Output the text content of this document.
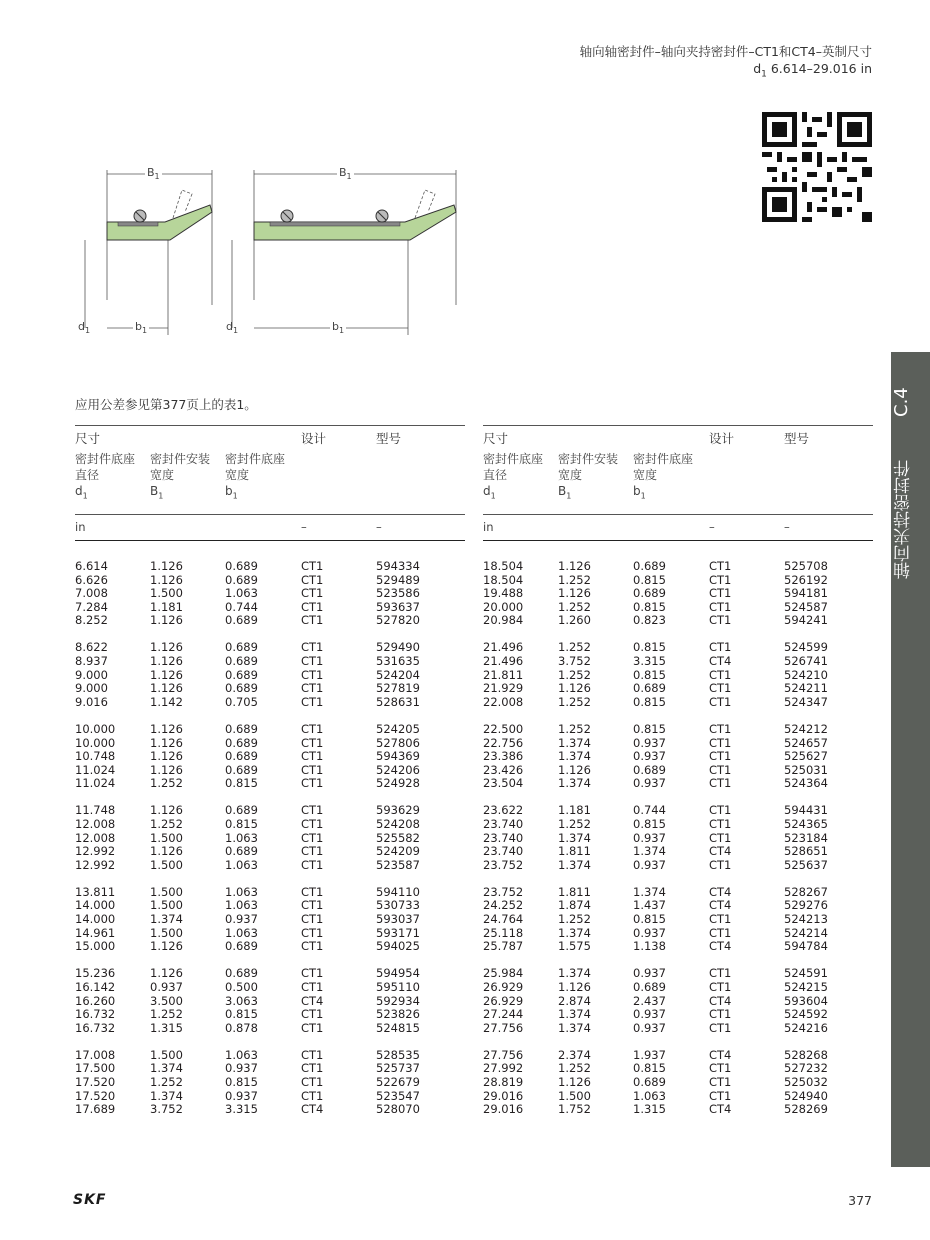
轴向轴密封件–轴向夹持密封件–CT1和CT4–英制尺寸
$d_1$ 6.614–29.016 in
$B_1$	$B_1$
$b_1$	$b_1$
$d_1$	$d_1$
应用公差参见第377页上的表1。
尺寸	设计	型号
密封件底座
直径
$d_1$
密封件安装
宽度
$B_1$
密封件底座
宽度
$b_1$
in	–	–
6.614	1.126	0.689	CT1	594334
6.626	1.126	0.689	CT1	529489
7.008	1.500	1.063	CT1	523586
7.284	1.181	0.744	CT1	593637
8.252	1.126	0.689	CT1	527820
8.622	1.126	0.689	CT1	529490
8.937	1.126	0.689	CT1	531635
9.000	1.126	0.689	CT1	524204
9.000	1.126	0.689	CT1	527819
9.016	1.142	0.705	CT1	528631
10.000	1.126	0.689	CT1	524205
10.000	1.126	0.689	CT1	527806
10.748	1.126	0.689	CT1	594369
11.024	1.126	0.689	CT1	524206
11.024	1.252	0.815	CT1	524928
11.748	1.126	0.689	CT1	593629
12.008	1.252	0.815	CT1	524208
12.008	1.500	1.063	CT1	525582
12.992	1.126	0.689	CT1	524209
12.992	1.500	1.063	CT1	523587
13.811	1.500	1.063	CT1	594110
14.000	1.500	1.063	CT1	530733
14.000	1.374	0.937	CT1	593037
14.961	1.500	1.063	CT1	593171
15.000	1.126	0.689	CT1	594025
15.236	1.126	0.689	CT1	594954
16.142	0.937	0.500	CT1	595110
16.260	3.500	3.063	CT4	592934
16.732	1.252	0.815	CT1	523826
16.732	1.315	0.878	CT1	524815
17.008	1.500	1.063	CT1	528535
17.500	1.374	0.937	CT1	525737
17.520	1.252	0.815	CT1	522679
17.520	1.374	0.937	CT1	523547
17.689	3.752	3.315	CT4	528070
尺寸	设计	型号
密封件底座
直径
$d_1$
密封件安装
宽度
$B_1$
密封件底座
宽度
$b_1$
in	–	–
18.504	1.126	0.689	CT1	525708
18.504	1.252	0.815	CT1	526192
19.488	1.126	0.689	CT1	594181
20.000	1.252	0.815	CT1	524587
20.984	1.260	0.823	CT1	594241
21.496	1.252	0.815	CT1	524599
21.496	3.752	3.315	CT4	526741
21.811	1.252	0.815	CT1	524210
21.929	1.126	0.689	CT1	524211
22.008	1.252	0.815	CT1	524347
22.500	1.252	0.815	CT1	524212
22.756	1.374	0.937	CT1	524657
23.386	1.374	0.937	CT1	525627
23.426	1.126	0.689	CT1	525031
23.504	1.374	0.937	CT1	524364
23.622	1.181	0.744	CT1	594431
23.740	1.252	0.815	CT1	524365
23.740	1.374	0.937	CT1	523184
23.740	1.811	1.374	CT4	528651
23.752	1.374	0.937	CT1	525637
23.752	1.811	1.374	CT4	528267
24.252	1.874	1.437	CT4	529276
24.764	1.252	0.815	CT1	524213
25.118	1.374	0.937	CT1	524214
25.787	1.575	1.138	CT4	594784
25.984	1.374	0.937	CT1	524591
26.929	1.126	0.689	CT1	524215
26.929	2.874	2.437	CT4	593604
27.244	1.374	0.937	CT1	524592
27.756	1.374	0.937	CT1	524216
27.756	2.374	1.937	CT4	528268
27.992	1.252	0.815	CT1	527232
28.819	1.126	0.689	CT1	525032
29.016	1.500	1.063	CT1	524940
29.016	1.752	1.315	CT4	528269
C.4
轴向夹持密封件
SKF	377
